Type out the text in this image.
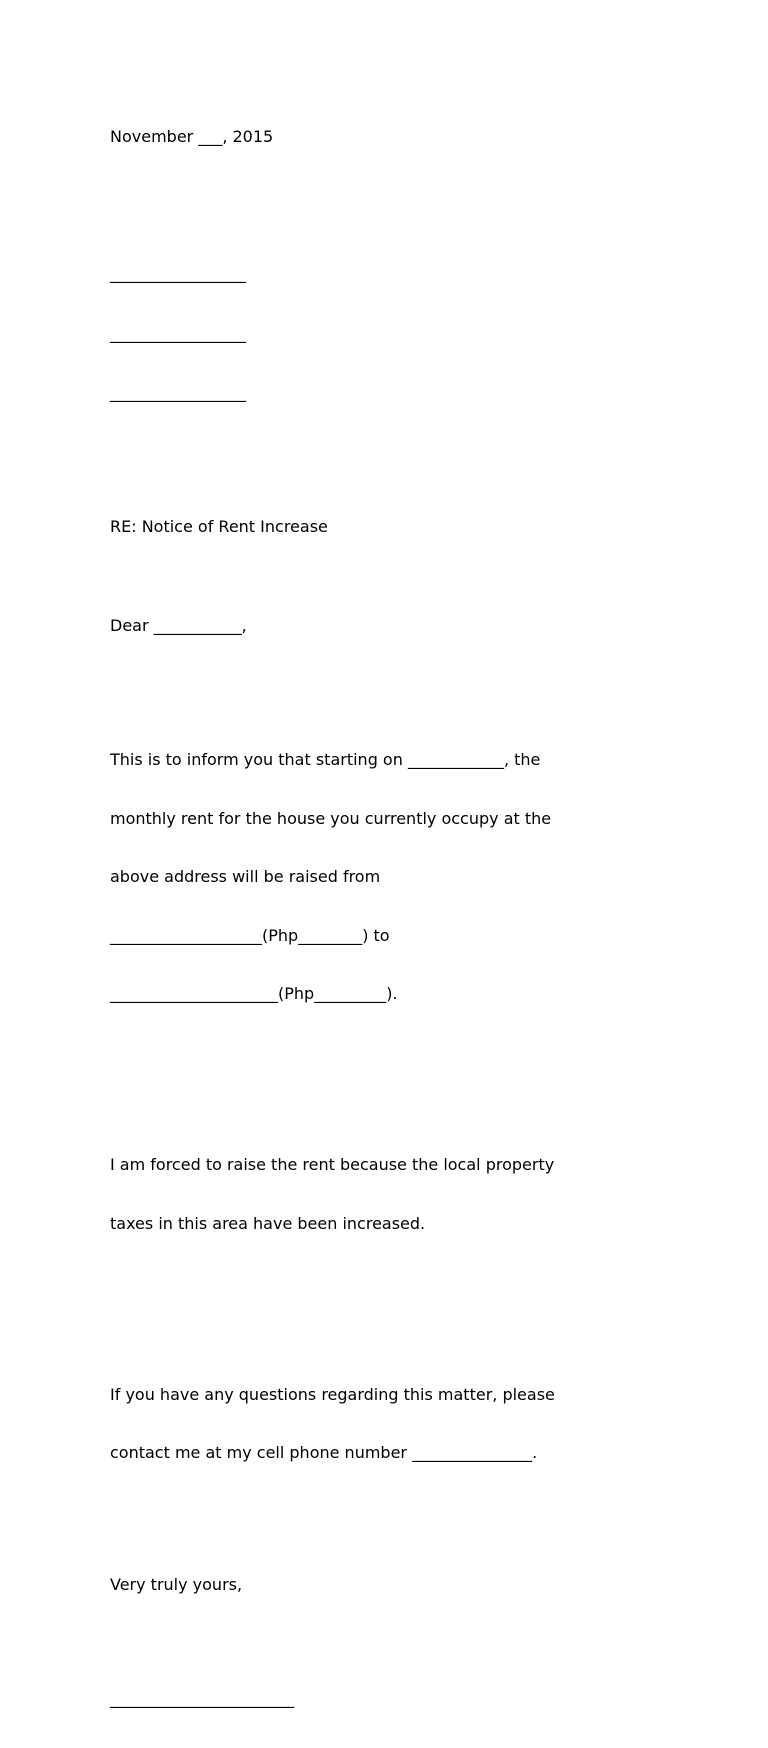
November ___, 2015

_________________

_________________

_________________

RE: Notice of Rent Increase

Dear ___________,

This is to inform you that starting on ____________, the

monthly rent for the house you currently occupy at the

above address will be raised from

___________________(Php________) to

_____________________(Php_________).

I am forced to raise the rent because the local property

taxes in this area have been increased.

If you have any questions regarding this matter, please

contact me at my cell phone number _______________.

Very truly yours,

_______________________
